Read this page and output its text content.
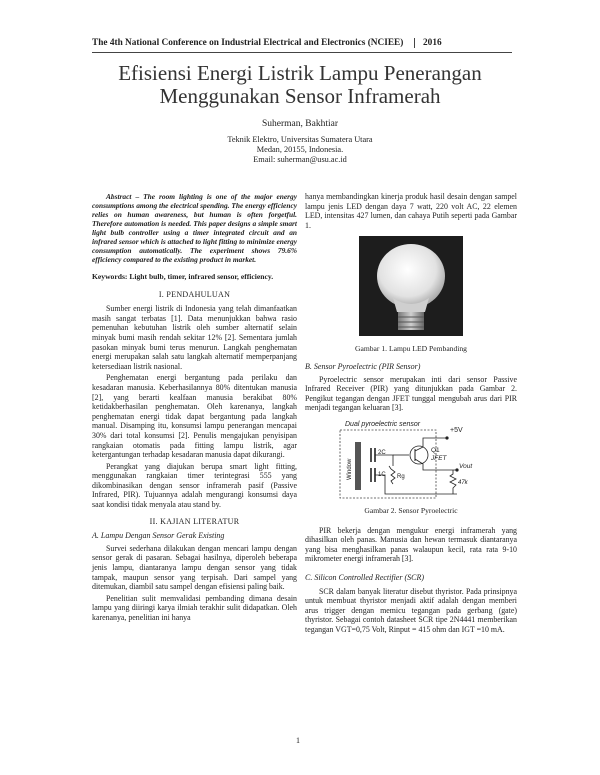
The 4th National Conference on Industrial Electrical and Electronics (NCIEE) 2016
Efisiensi Energi Listrik Lampu Penerangan
Menggunakan Sensor Inframerah
Suherman, Bakhtiar
Teknik Elektro, Universitas Sumatera Utara
Medan, 20155, Indonesia.
Email: suherman@usu.ac.id

Abstract – The room lighting is one of the major energy consumptions among the electrical spending. The energy efficiency relies on human awareness, but human is often forgetful. Therefore automation is needed. This paper designs a simple smart light bulb controller using a timer integrated circuit and an infrared sensor which is attached to light fitting to minimize energy consumption automatically. The experiment shows 79.6% efficiency compared to the existing product in market.

Keywords: Light bulb, timer, infrared sensor, efficiency.

I. PENDAHULUAN

Sumber energi listrik di Indonesia yang telah dimanfaatkan masih sangat terbatas [1]. Data menunjukkan bahwa rasio pemenuhan kebutuhan listrik oleh sumber alternatif selain minyak bumi masih rendah sekitar 12% [2]. Sementara jumlah pasokan minyak bumi terus menurun. Langkah penghematan energi merupakan salah satu langkah alternatif memperpanjang ketersediaan listrik nasional.

Penghematan energi bergantung pada perilaku dan kesadaran manusia. Keberhasilannya 80% ditentukan manusia [2], yang berarti kealfaan manusia berakibat 80% ketidakberhasilan penghematan. Oleh karenanya, langkah penghematan energi tidak dapat bergantung pada langkah manual. Disamping itu, konsumsi lampu penerangan mencapai 30% dari total konsumsi [2]. Penulis mengajukan penyisipan rangkaian otomatis pada fitting lampu listrik, agar ketergantungan terhadap kesadaran manusia dapat dikurangi.

Perangkat yang diajukan berupa smart light fitting, menggunakan rangkaian timer terintegrasi 555 yang dikombinasikan dengan sensor inframerah pasif (Passive Infrared, PIR). Tujuannya adalah mengurangi konsumsi daya saat kondisi tidak menyala atau stand by.

II. KAJIAN LITERATUR
A. Lampu Dengan Sensor Gerak Existing

Survei sederhana dilakukan dengan mencari lampu dengan sensor gerak di pasaran. Sebagai hasilnya, diperoleh beberapa jenis lampu, diantaranya lampu dengan sensor yang tidak tampak, maupun sensor yang terpisah. Dari sampel yang ditemukan, diambil satu sampel dengan efisiensi paling baik.

Penelitian sulit memvalidasi pembanding dimana desain lampu yang diiringi karya ilmiah terakhir sulit didapatkan. Oleh karenanya, penelitian ini hanya

hanya membandingkan kinerja produk hasil desain dengan sampel lampu jenis LED dengan daya 7 watt, 220 volt AC, 22 elemen LED, intensitas 427 lumen, dan cahaya Putih seperti pada Gambar 1.

Gambar 1. Lampu LED Pembanding
B. Sensor Pyroelectric (PIR Sensor)

Pyroelectric sensor merupakan inti dari sensor Passive Infrared Receiver (PIR) yang ditunjukkan pada Gambar 2. Pengikut tegangan dengan JFET tunggal mengubah arus dari PIR menjadi tegangan keluaran [3].

Dual pyroelectric sensor
Window
2C
1C Rg
+5V
Q1
JFET
Vout
47k
Gambar 2. Sensor Pyroelectric

PIR bekerja dengan mengukur energi inframerah yang dihasilkan oleh panas. Manusia dan hewan termasuk diantaranya yang bisa menghasilkan panas walaupun kecil, rata rata 9-10 mikrometer energi inframerah [3].

C. Silicon Controlled Rectifier (SCR)

SCR dalam banyak literatur disebut thyristor. Pada prinsipnya untuk membuat thyristor menjadi aktif adalah dengan memberi arus trigger dengan memicu tegangan pada gerbang (gate) thyristor. Sebagai contoh datasheet SCR tipe 2N4441 memberikan tegangan VGT=0,75 Volt, Rinput = 415 ohm dan IGT =10 mA.

1
